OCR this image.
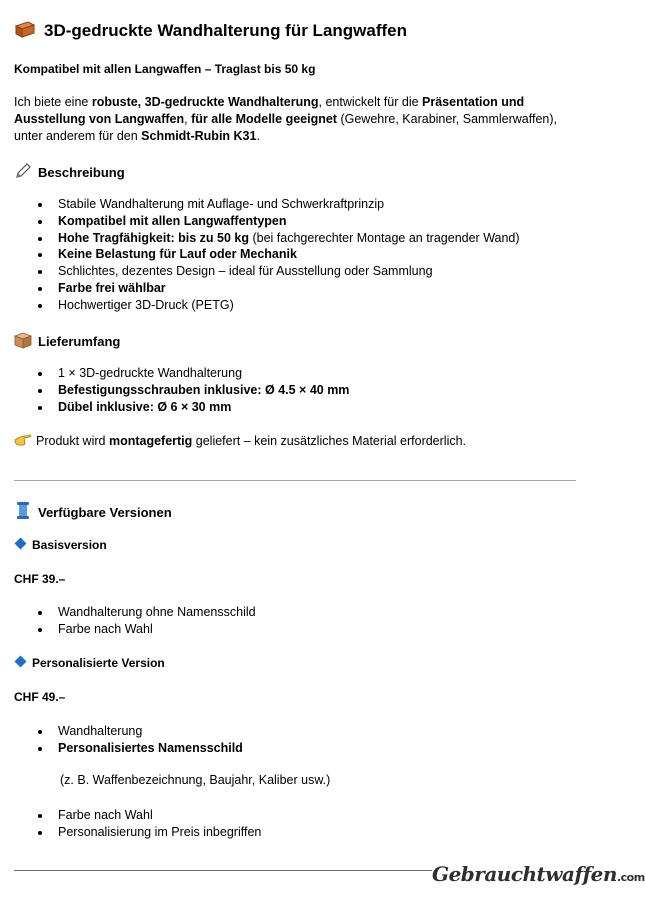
3D-gedruckte Wandhalterung für Langwaffen
Kompatibel mit allen Langwaffen – Traglast bis 50 kg
Ich biete eine robuste, 3D-gedruckte Wandhalterung, entwickelt für die Präsentation und Ausstellung von Langwaffen, für alle Modelle geeignet (Gewehre, Karabiner, Sammlerwaffen), unter anderem für den Schmidt-Rubin K31.
Beschreibung
Stabile Wandhalterung mit Auflage- und Schwerkraftprinzip
Kompatibel mit allen Langwaffentypen
Hohe Tragfähigkeit: bis zu 50 kg (bei fachgerechter Montage an tragender Wand)
Keine Belastung für Lauf oder Mechanik
Schlichtes, dezentes Design – ideal für Ausstellung oder Sammlung
Farbe frei wählbar
Hochwertiger 3D-Druck (PETG)
Lieferumfang
1 × 3D-gedruckte Wandhalterung
Befestigungsschrauben inklusive: Ø 4.5 × 40 mm
Dübel inklusive: Ø 6 × 30 mm
Produkt wird montagefertig geliefert – kein zusätzliches Material erforderlich.
Verfügbare Versionen
Basisversion
CHF 39.–
Wandhalterung ohne Namensschild
Farbe nach Wahl
Personalisierte Version
CHF 49.–
Wandhalterung
Personalisiertes Namensschild
(z. B. Waffenbezeichnung, Baujahr, Kaliber usw.)
Farbe nach Wahl
Personalisierung im Preis inbegriffen
Gebrauchtwaffen.com
